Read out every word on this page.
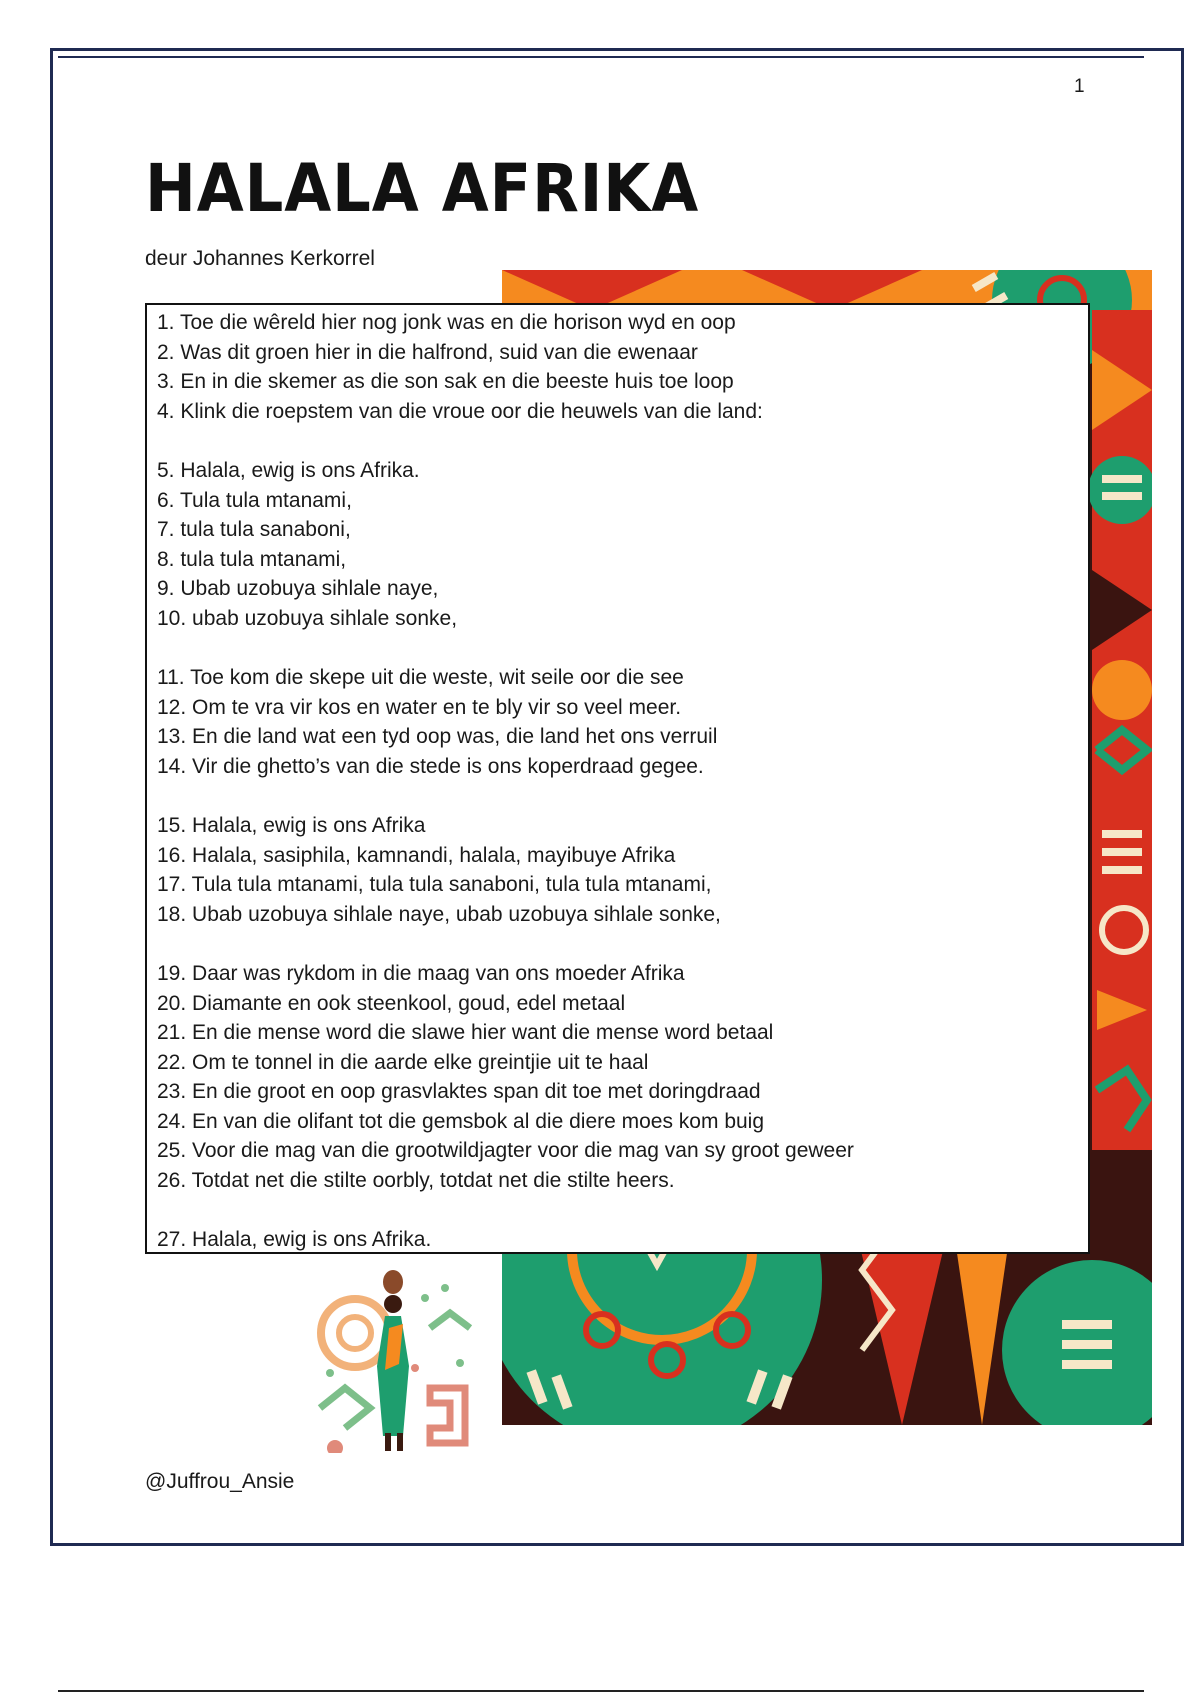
1
HALALA AFRIKA
deur Johannes Kerkorrel
1. Toe die wêreld hier nog jonk was en die horison wyd en oop
2. Was dit groen hier in die halfrond, suid van die ewenaar
3. En in die skemer as die son sak en die beeste huis toe loop
4. Klink die roepstem van die vroue oor die heuwels van die land:
5. Halala, ewig is ons Afrika.
6. Tula tula mtanami,
7. tula tula sanaboni,
8. tula tula mtanami,
9. Ubab uzobuya sihlale naye,
10. ubab uzobuya sihlale sonke,
11. Toe kom die skepe uit die weste, wit seile oor die see
12. Om te vra vir kos en water en te bly vir so veel meer.
13. En die land wat een tyd oop was, die land het ons verruil
14. Vir die ghetto’s van die stede is ons koperdraad gegee.
15. Halala, ewig is ons Afrika
16. Halala, sasiphila, kamnandi, halala, mayibuye Afrika
17. Tula tula mtanami, tula tula sanaboni, tula tula mtanami,
18. Ubab uzobuya sihlale naye, ubab uzobuya sihlale sonke,
19. Daar was rykdom in die maag van ons moeder Afrika
20. Diamante en ook steenkool, goud, edel metaal
21. En die mense word die slawe hier want die mense word betaal
22. Om te tonnel in die aarde elke greintjie uit te haal
23. En die groot en oop grasvlaktes span dit toe met doringdraad
24. En van die olifant tot die gemsbok al die diere moes kom buig
25. Voor die mag van die grootwildjagter voor die mag van sy groot geweer
26. Totdat net die stilte oorbly, totdat net die stilte heers.
27. Halala, ewig is ons Afrika.
@Juffrou_Ansie
